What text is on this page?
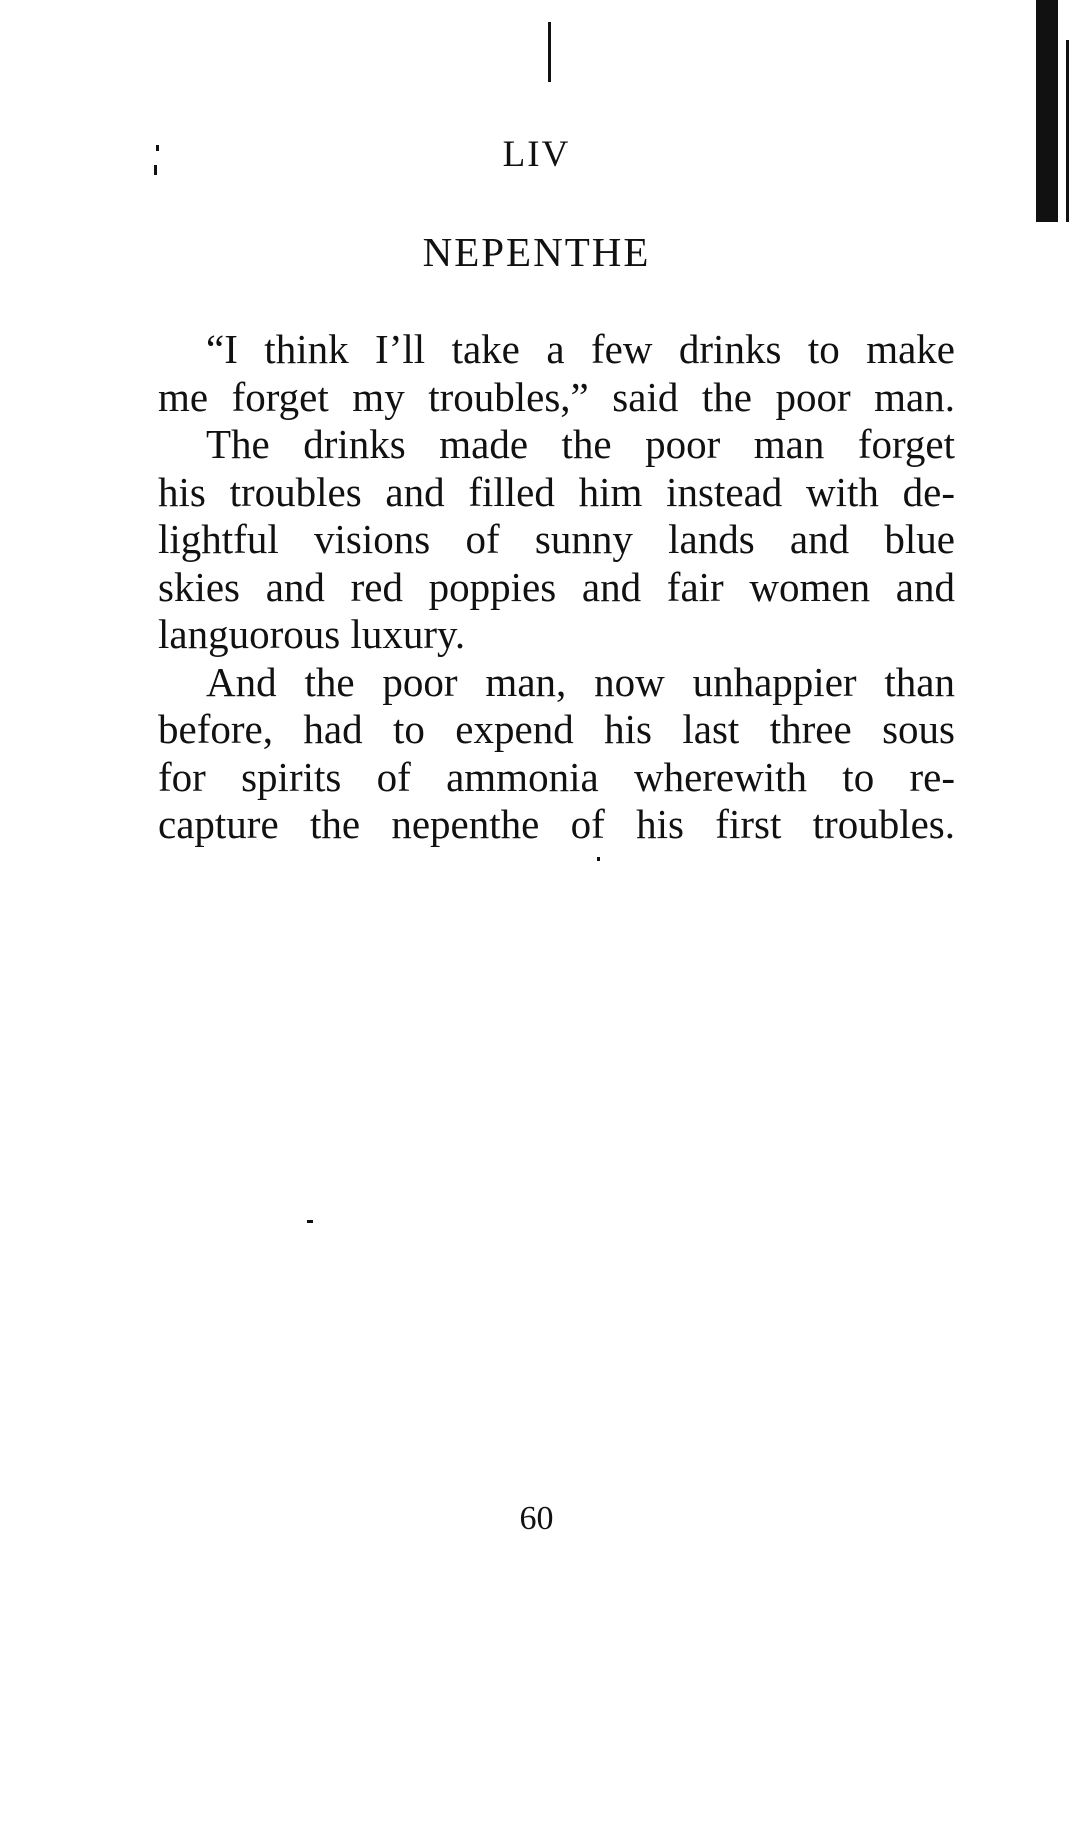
LIV
NEPENTHE
“I think I’ll take a few drinks to make
me forget my troubles,” said the poor man.
The drinks made the poor man forget
his troubles and filled him instead with de-
lightful visions of sunny lands and blue
skies and red poppies and fair women and
languorous luxury.
And the poor man, now unhappier than
before, had to expend his last three sous
for spirits of ammonia wherewith to re-
capture the nepenthe of his first troubles.
60
